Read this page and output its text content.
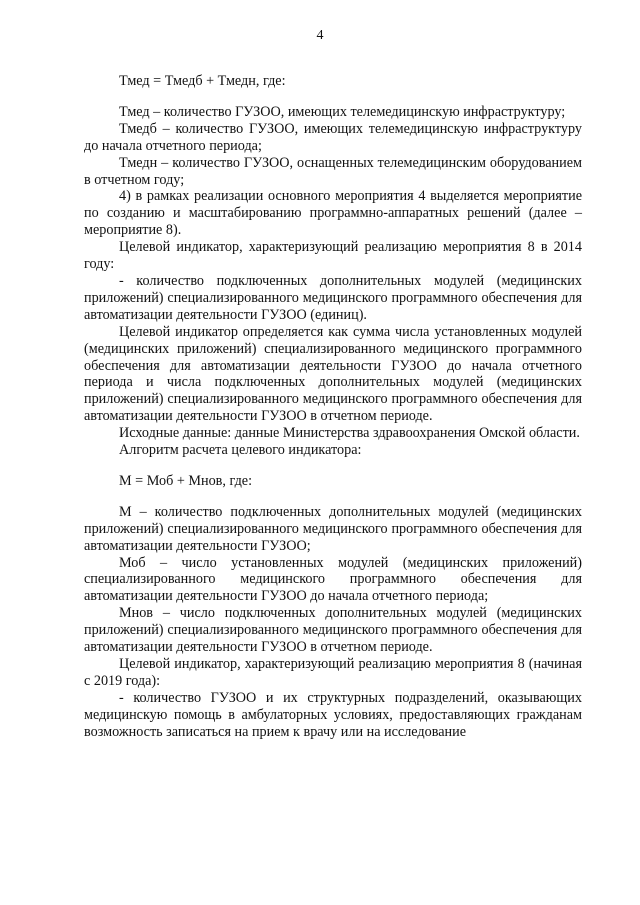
4

Тмед = Тмедб + Тмедн, где:

Тмед – количество ГУЗОО, имеющих телемедицинскую инфраструктуру;

Тмедб – количество ГУЗОО, имеющих телемедицинскую инфраструктуру до начала отчетного периода;

Тмедн – количество ГУЗОО, оснащенных телемедицинским оборудованием в отчетном году;

4) в рамках реализации основного мероприятия 4 выделяется мероприятие по созданию и масштабированию программно-аппаратных решений (далее – мероприятие 8).

Целевой индикатор, характеризующий реализацию мероприятия 8 в 2014 году:

- количество подключенных дополнительных модулей (медицинских приложений) специализированного медицинского программного обеспечения для автоматизации деятельности ГУЗОО (единиц).

Целевой индикатор определяется как сумма числа установленных модулей (медицинских приложений) специализированного медицинского программного обеспечения для автоматизации деятельности ГУЗОО до начала отчетного периода и числа подключенных дополнительных модулей (медицинских приложений) специализированного медицинского программного обеспечения для автоматизации деятельности ГУЗОО в отчетном периоде.

Исходные данные: данные Министерства здравоохранения Омской области.

Алгоритм расчета целевого индикатора:

М = Моб + Мнов, где:

М – количество подключенных дополнительных модулей (медицинских приложений) специализированного медицинского программного обеспечения для автоматизации деятельности ГУЗОО;

Моб – число установленных модулей (медицинских приложений) специализированного медицинского программного обеспечения для автоматизации деятельности ГУЗОО до начала отчетного периода;

Мнов – число подключенных дополнительных модулей (медицинских приложений) специализированного медицинского программного обеспечения для автоматизации деятельности ГУЗОО в отчетном периоде.

Целевой индикатор, характеризующий реализацию мероприятия 8 (начиная с 2019 года):

- количество ГУЗОО и их структурных подразделений, оказывающих медицинскую помощь в амбулаторных условиях, предоставляющих гражданам возможность записаться на прием к врачу или на исследование
